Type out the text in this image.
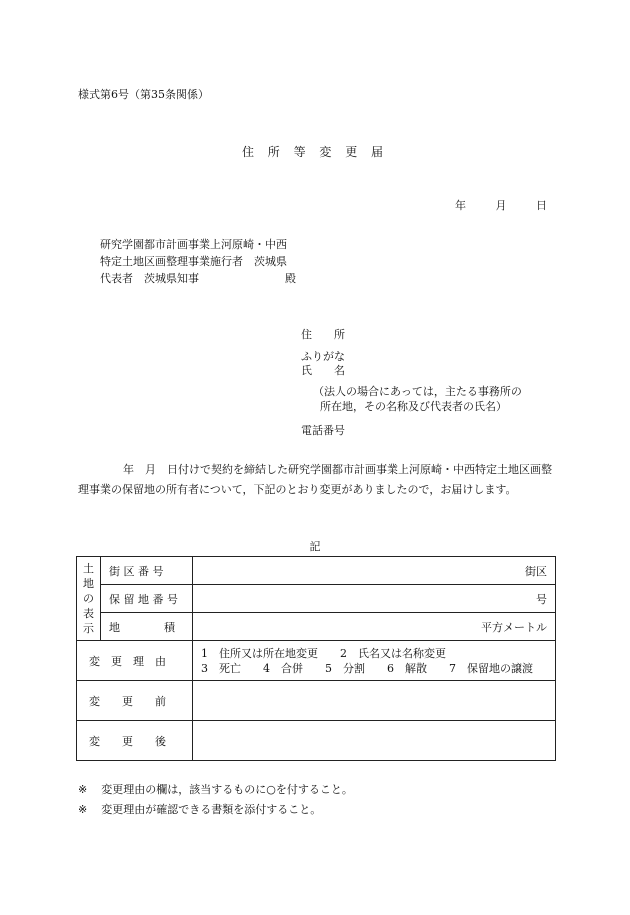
様式第6号（第35条関係）
住 所 等 変 更 届
年	月	日
研究学園都市計画事業上河原崎・中西
特定土地区画整理事業施行者　茨城県
代表者　茨城県知事	殿
住　　所
ふりがな
氏　　名
（法人の場合にあっては，主たる事務所の
所在地，その名称及び代表者の氏名）
電話番号
年　月　日付けで契約を締結した研究学園都市計画事業上河原崎・中西特定土地区画整理事業の保留地の所有者について，下記のとおり変更がありましたので，お届けします。
記
土
地
の
表
示	街 区 番 号	街区
	保 留 地 番 号	号
	地　　　　積	平方メートル
変　更　理　由		1　住所又は所在地変更　　2　氏名又は名称変更
3　死亡　　4　合併　　5　分割　　6　解散　　7　保留地の譲渡

変　　更　　前		
変　　更　　後		
※ 変更理由の欄は，該当するものに○を付すること。
※ 変更理由が確認できる書類を添付すること。
